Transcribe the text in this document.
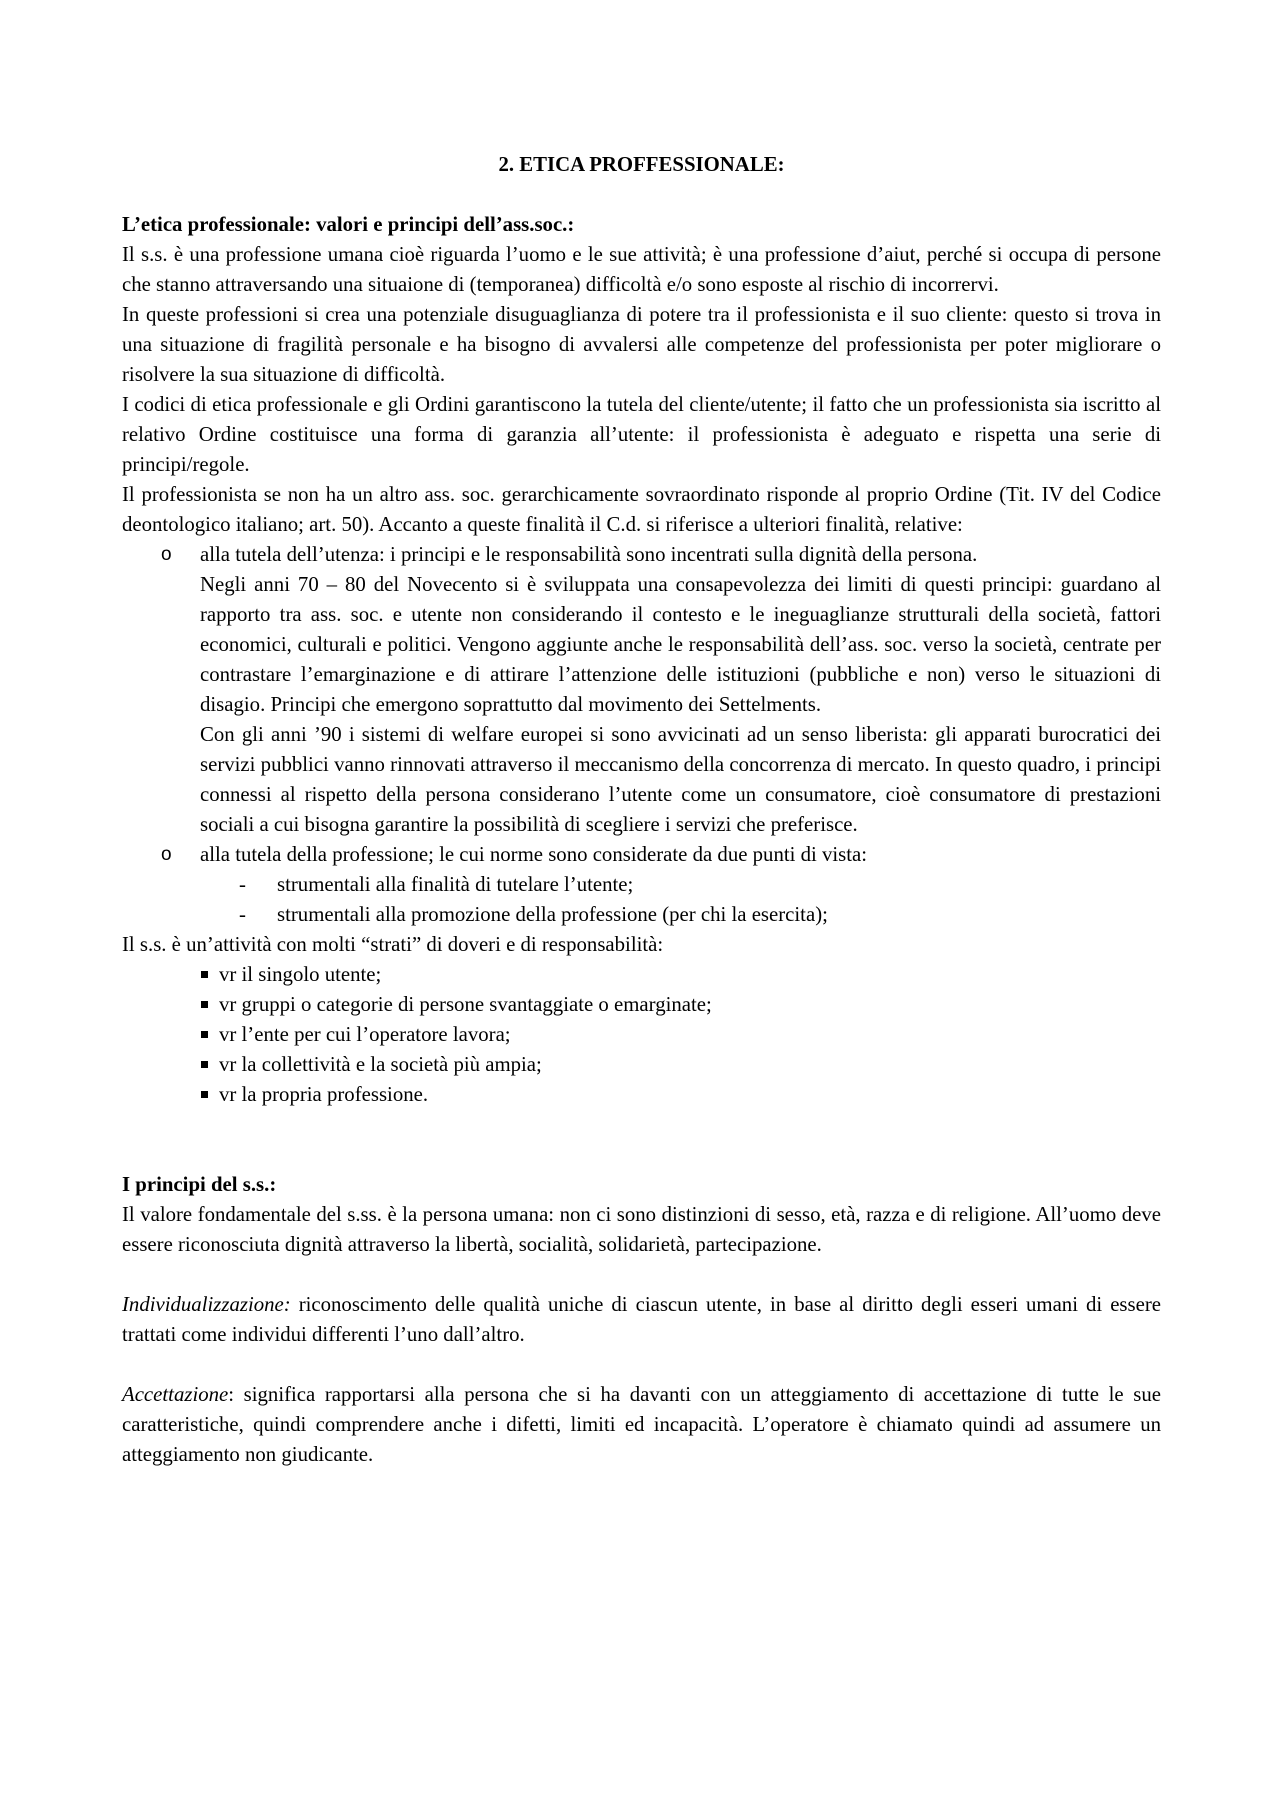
2. ETICA PROFFESSIONALE:
L’etica professionale: valori e principi dell’ass.soc.:

Il s.s. è una professione umana cioè riguarda l’uomo e le sue attività; è una professione d’aiut, perché si occupa di persone che stanno attraversando una situaione di (temporanea) difficoltà e/o sono esposte al rischio di incorrervi.

In queste professioni si crea una potenziale disuguaglianza di potere tra il professionista e il suo cliente: questo si trova in una situazione di fragilità personale e ha bisogno di avvalersi alle competenze del professionista per poter migliorare o risolvere la sua situazione di difficoltà.

I codici di etica professionale e gli Ordini garantiscono la tutela del cliente/utente; il fatto che un professionista sia iscritto al relativo Ordine costituisce una forma di garanzia all’utente: il professionista è adeguato e rispetta una serie di principi/regole.

Il professionista se non ha un altro ass. soc. gerarchicamente sovraordinato risponde al proprio Ordine (Tit. IV del Codice deontologico italiano; art. 50). Accanto a queste finalità il C.d. si riferisce a ulteriori finalità, relative:

o alla tutela dell’utenza: i principi e le responsabilità sono incentrati sulla dignità della persona.

Negli anni 70 – 80 del Novecento si è sviluppata una consapevolezza dei limiti di questi principi: guardano al rapporto tra ass. soc. e utente non considerando il contesto e le ineguaglianze strutturali della società, fattori economici, culturali e politici. Vengono aggiunte anche le responsabilità dell’ass. soc. verso la società, centrate per contrastare l’emarginazione e di attirare l’attenzione delle istituzioni (pubbliche e non) verso le situazioni di disagio. Principi che emergono soprattutto dal movimento dei Settelments.

Con gli anni ’90 i sistemi di welfare europei si sono avvicinati ad un senso liberista: gli apparati burocratici dei servizi pubblici vanno rinnovati attraverso il meccanismo della concorrenza di mercato. In questo quadro, i principi connessi al rispetto della persona considerano l’utente come un consumatore, cioè consumatore di prestazioni sociali a cui bisogna garantire la possibilità di scegliere i servizi che preferisce.

o alla tutela della professione; le cui norme sono considerate da due punti di vista:

- strumentali alla finalità di tutelare l’utente;
- strumentali alla promozione della professione (per chi la esercita);

Il s.s. è un’attività con molti “strati” di doveri e di responsabilità:

vr il singolo utente;
vr gruppi o categorie di persone svantaggiate o emarginate;
vr l’ente per cui l’operatore lavora;
vr la collettività e la società più ampia;
vr la propria professione.
I principi del s.s.:

Il valore fondamentale del s.ss. è la persona umana: non ci sono distinzioni di sesso, età, razza e di religione. All’uomo deve essere riconosciuta dignità attraverso la libertà, socialità, solidarietà, partecipazione.

Individualizzazione: riconoscimento delle qualità uniche di ciascun utente, in base al diritto degli esseri umani di essere trattati come individui differenti l’uno dall’altro.

Accettazione: significa rapportarsi alla persona che si ha davanti con un atteggiamento di accettazione di tutte le sue caratteristiche, quindi comprendere anche i difetti, limiti ed incapacità. L’operatore è chiamato quindi ad assumere un atteggiamento non giudicante.
